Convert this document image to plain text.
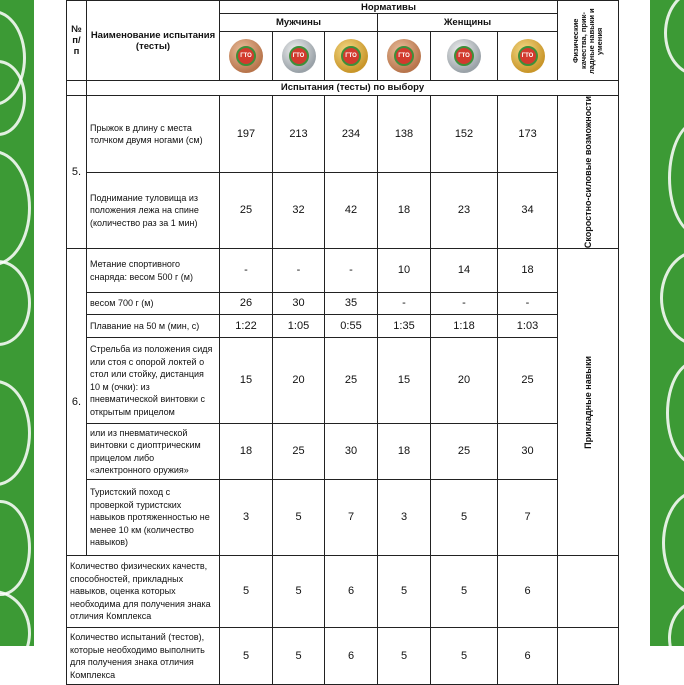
№ п/п	Наименование испытания (тесты)	Нормативы						Физические качества, прик-ладные навыки и умения

		Мужчины			Женщины			

		ГТО	ГТО	ГТО	ГТО	ГТО	ГТО	

	Испытания (тесты) по выбору							
5.	Прыжок в длину с места толчком двумя ногами (см)	197	213	234	138	152	173	Скоростно-силовые возможности

	Поднимание туловища из положения лежа на спине (количество раз за 1 мин)	25	32	42	18	23	34	
6.	Метание спортивного снаряда: весом 500 г (м)	-	-	-	10	14	18	Прикладные навыки

	весом 700 г (м)	26	30	35	-	-	-	
	Плавание на 50 м (мин, с)	1:22	1:05	0:55	1:35	1:18	1:03	
	Стрельба из положения сидя или стоя с опорой локтей о стол или стойку, дистанция 10 м (очки): из пневматической винтовки с открытым прицелом	15	20	25	15	20	25	
	или из пневматической винтовки с диоптрическим прицелом либо «электронного оружия»	18	25	30	18	25	30	
	Туристский поход с проверкой туристских навыков протяженностью не менее 10 км (количество навыков)	3	5	7	3	5	7	
Количество физических качеств, способностей, прикладных навыков, оценка которых необходима для получения знака отличия Комплекса		5	5	6	5	5	6	
Количество испытаний (тестов), которые необходимо выполнить для получения знака отличия Комплекса		5	5	6	5	5	6	
